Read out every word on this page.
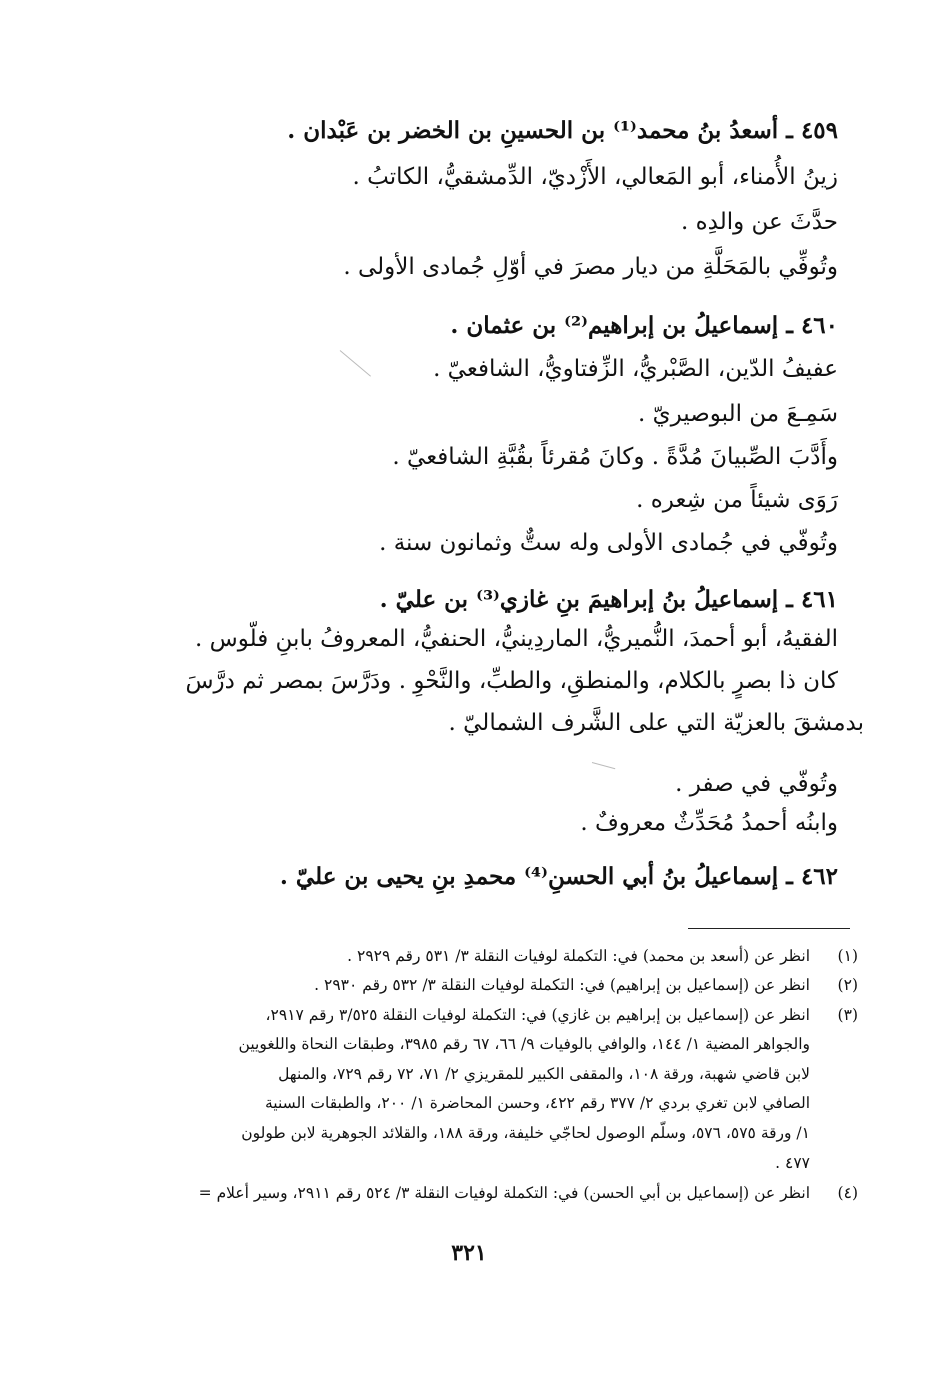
٤٥٩ ـ أسعدُ بنُ محمد⁽¹⁾ بن الحسينِ بن الخضر بن عَبْدان .
زينُ الأُمناء، أبو المَعالي، الأَزْديّ، الدِّمشقيُّ، الكاتبُ .
حدَّثَ عن والدِه .
وتُوفِّي بالمَحَلَّةِ من ديار مصرَ في أوّلِ جُمادى الأولى .
٤٦٠ ـ إسماعيلُ بن إبراهيم⁽²⁾ بن عثمان .
عفيفُ الدّين، الصَّبْريُّ، الزِّفتاويُّ، الشافعيّ .
سَمِـعَ من البوصيريّ .
وأَدَّبَ الصِّبيانَ مُدَّةً . وكانَ مُقرئاً بقُبَّةِ الشافعيّ .
رَوَى شيئاً من شِعره .
وتُوفّي في جُمادى الأولى وله ستٌّ وثمانون سنة .
٤٦١ ـ إسماعيلُ بنُ إبراهيمَ بنِ غازي⁽³⁾ بن عليّ .
الفقيهُ، أبو أحمدَ، النُّميريُّ، الماردِينيُّ، الحنفيُّ، المعروفُ بابنِ فلّوس .
كان ذا بصرٍ بالكلام، والمنطقِ، والطبِّ، والنَّحْوِ . ودَرَّسَ بمصر ثم درَّسَ
بدمشقَ بالعزيّة التي على الشَّرف الشماليّ .
وتُوفّي في صفر .
وابنُه أحمدُ مُحَدِّثٌ معروفٌ .
٤٦٢ ـ إسماعيلُ بنُ أبي الحسنِ⁽⁴⁾ محمدِ بنِ يحيى بن عليّ .
(١)
انظر عن (أسعد بن محمد) في: التكملة لوفيات النقلة ٣/ ٥٣١ رقم ٢٩٢٩ .
(٢)
انظر عن (إسماعيل بن إبراهيم) في: التكملة لوفيات النقلة ٣/ ٥٣٢ رقم ٢٩٣٠ .
(٣)
انظر عن (إسماعيل بن إبراهيم بن غازي) في: التكملة لوفيات النقلة ٣/٥٢٥ رقم ٢٩١٧،
والجواهر المضية ١/ ١٤٤، والوافي بالوفيات ٩/ ٦٦، ٦٧ رقم ٣٩٨٥، وطبقات النحاة واللغويين
لابن قاضي شهبة، ورقة ١٠٨، والمقفى الكبير للمقريزي ٢/ ٧١، ٧٢ رقم ٧٢٩، والمنهل
الصافي لابن تغري بردي ٢/ ٣٧٧ رقم ٤٢٢، وحسن المحاضرة ١/ ٢٠٠، والطبقات السنية
١/ ورقة ٥٧٥، ٥٧٦، وسلّم الوصول لحاجّي خليفة، ورقة ١٨٨، والقلائد الجوهرية لابن طولون
٤٧٧ .
(٤)
انظر عن (إسماعيل بن أبي الحسن) في: التكملة لوفيات النقلة ٣/ ٥٢٤ رقم ٢٩١١، وسير أعلام =
٣٢١
